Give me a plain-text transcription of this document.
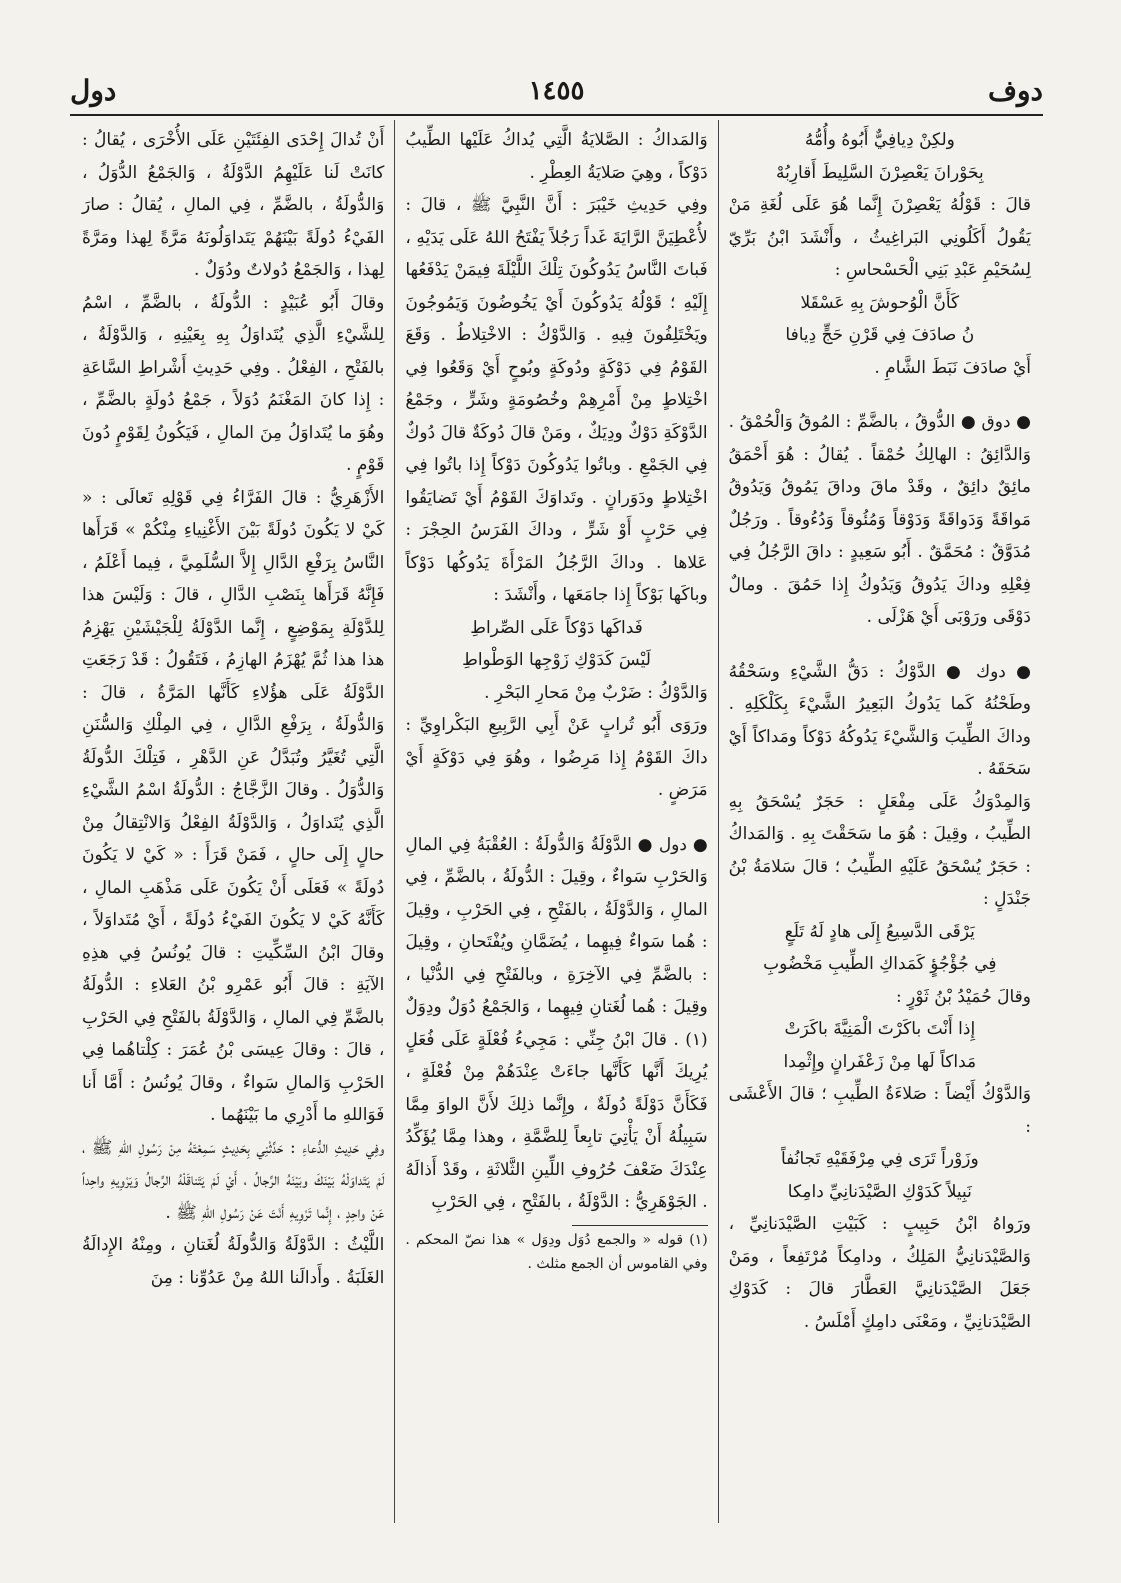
دوف
١٤٥٥
دول

ولكِنْ دِيافِيٌّ أَبُوهُ وأُمُّهُ

بِحَوْرانَ يَعْصِرْنَ السَّلِيطَ أَقارِبُهْ

قالَ : قَوْلُهُ يَعْصِرْنَ إِنَّما هُوَ عَلَى لُغَةِ مَنْ يَقُولُ أَكَلُونِي البَراغِيثُ ، وأَنْشَدَ ابْنُ بَرِّيّ لِسُحَيْمِ عَبْدِ بَنِي الْحَسْحاسِ :

كَأَنَّ الْوُحوشَ بِهِ عَسْقَلا

نُ صادَفَ فِي قَرْنِ حَجٍّ دِيافا

أَيْ صادَفَ نَبَطَ الشَّامِ .

● دوق ● الدُّوقُ ، بالضَّمِّ : المُوقُ وَالْحُمْقُ . وَالدَّائِقُ : الهالِكُ حُمْقاً . يُقالُ : هُوَ أَحْمَقُ مائِقٌ دائِقٌ ، وقَدْ ماقَ وداقَ يَمُوقُ وَيَدُوقُ مَواقَةً وَدَواقَةً وَدَوْقاً وَمُئُوقاً وَدُءُوقاً . ورَجُلٌ مُدَوَّقٌ : مُحَمَّقٌ . أَبُو سَعِيدٍ : داقَ الرَّجُلُ فِي فِعْلِهِ وداكَ يَدُوقُ وَيَدُوكُ إِذا حَمُقَ . ومالٌ دَوْقَى ورَوْبَى أَيْ هَزْلَى .

● دوك ● الدَّوْكُ : دَقُّ الشَّيْءِ وسَحْقُهُ وطَحْنُهُ كَما يَدُوكُ البَعِيرُ الشَّيْءَ بِكَلْكَلِهِ . وداكَ الطِّيبَ وَالشَّيْءَ يَدُوكُهُ دَوْكاً ومَداكاً أَيْ سَحَقَهُ .

وَالمِدْوَكُ عَلَى مِفْعَلٍ : حَجَرٌ يُسْحَقُ بِهِ الطِّيبُ ، وقِيلَ : هُوَ ما سَحَقْتَ بِهِ . وَالمَداكُ : حَجَرٌ يُسْحَقُ عَلَيْهِ الطِّيبُ ؛ قالَ سَلامَةُ بْنُ جَنْدَلٍ :

يَرْقَى الدَّسِيعُ إِلَى هادٍ لَهُ تَلَعٍ

فِي جُؤْجُؤٍ كَمَداكِ الطِّيبِ مَخْضُوبِ

وقالَ حُمَيْدُ بْنُ ثَوْرٍ :

إِذا أَنْتَ باكَرْتَ الْمَنِيَّةَ باكَرَتْ

مَداكاً لَها مِنْ زَعْفَرانٍ وإِثْمِدا

وَالدَّوْكُ أَيْضاً : صَلاءَةُ الطِّيبِ ؛ قالَ الأَعْشَى :

وزَوْراً تَرَى فِي مِرْفَقَيْهِ تَجانُفاً

نَبِيلاً كَدَوْكِ الصَّيْدَنانِيِّ دامِكا

ورَواهُ ابْنُ حَبِيبٍ : كَبَيْتِ الصَّيْدَنانِيِّ ، وَالصَّيْدَنانِيُّ المَلِكُ ، ودامِكاً مُرْتَفِعاً ، ومَنْ جَعَلَ الصَّيْدَنانِيَّ العَطَّارَ قالَ : كَدَوْكِ الصَّيْدَنانِيِّ ، ومَعْنَى دامِكٍ أَمْلَسُ .

وَالمَداكُ : الصَّلايَةُ الَّتِي يُداكُ عَلَيْها الطِّيبُ دَوْكاً ، وهِيَ صَلايَةُ العِطْرِ .

وفِي حَدِيثِ خَيْبَرَ : أَنَّ النَّبِيَّ ﷺ ، قالَ : لأُعْطِيَنَّ الرَّايَةَ غَداً رَجُلاً يَفْتَحُ اللهُ عَلَى يَدَيْهِ ، فَباتَ النَّاسُ يَدُوكُونَ تِلْكَ اللَّيْلَةَ فِيمَنْ يَدْفَعُها إِلَيْهِ ؛ قَوْلُهُ يَدُوكُونَ أَيْ يَخُوضُونَ وَيَمُوجُونَ ويَخْتَلِفُونَ فِيهِ . وَالدَّوْكُ : الاخْتِلاطُ . وَقَعَ القَوْمُ فِي دَوْكَةٍ ودُوكَةٍ وبُوحٍ أَيْ وَقَعُوا فِي اخْتِلاطٍ مِنْ أَمْرِهِمْ وخُصُومَةٍ وشَرٍّ ، وجَمْعُ الدَّوْكَةِ دَوْكٌ ودِيَكٌ ، ومَنْ قالَ دُوكَةٌ قالَ دُوكٌ فِي الجَمْعِ . وباتُوا يَدُوكُونَ دَوْكاً إِذا باتُوا فِي اخْتِلاطٍ ودَوَرانٍ . وتَداوَكَ القَوْمُ أَيْ تَضايَقُوا فِي حَرْبٍ أَوْ شَرٍّ ، وداكَ الفَرَسُ الحِجْرَ : عَلاها . وداكَ الرَّجُلُ المَرْأَةَ يَدُوكُها دَوْكاً وباكَها بَوْكاً إِذا جامَعَها ، وأَنْشَدَ :

فَداكَها دَوْكاً عَلَى الصِّراطِ

لَيْسَ كَدَوْكِ زَوْجِها الوَطْواطِ

وَالدَّوْكُ : ضَرْبٌ مِنْ مَحارِ البَحْرِ .

ورَوَى أَبُو تُرابٍ عَنْ أَبِي الرَّبِيعِ البَكْراوِيِّ : داكَ القَوْمُ إِذا مَرِضُوا ، وهُوَ فِي دَوْكَةٍ أَيْ مَرَضٍ .

● دول ● الدَّوْلَةُ وَالدُّولَةُ : العُقْبَةُ فِي المالِ وَالحَرْبِ سَواءٌ ، وقِيلَ : الدُّولَةُ ، بالضَّمِّ ، فِي المالِ ، وَالدَّوْلَةُ ، بالفَتْحِ ، فِي الحَرْبِ ، وقِيلَ : هُما سَواءٌ فِيهِما ، يُضَمَّانِ ويُفْتَحانِ ، وقِيلَ : بالضَّمِّ فِي الآخِرَةِ ، وبالفَتْحِ فِي الدُّنْيا ، وقِيلَ : هُما لُغَتانِ فِيهِما ، وَالجَمْعُ دُوَلٌ ودِوَلٌ (١) . قالَ ابْنُ جِنِّي : مَجِيءُ فُعْلَةٍ عَلَى فُعَلٍ يُرِيكَ أَنَّها كَأَنَّها جاءَتْ عِنْدَهُمْ مِنْ فُعْلَةٍ ، فَكَأَنَّ دَوْلَةً دُولَةٌ ، وإِنَّما ذلِكَ لأَنَّ الواوَ مِمَّا سَبِيلُهُ أَنْ يَأْتِيَ تابِعاً لِلضَّمَّةِ ، وهذا مِمَّا يُؤَكِّدُ عِنْدَكَ ضَعْفَ حُرُوفِ اللِّينِ الثَّلاثَةِ ، وقَدْ أَذالَهُ . الجَوْهَرِيُّ : الدَّوْلَةُ ، بالفَتْحِ ، فِي الحَرْبِ

(١) قوله « والجمع دُوَل ودِوَل » هذا نصّ المحكم . وفي القاموس أن الجمع مثلث .

أَنْ تُدالَ إِحْدَى الفِئَتَيْنِ عَلَى الأُخْرَى ، يُقالُ : كانَتْ لَنا عَلَيْهِمُ الدَّوْلَةُ ، وَالجَمْعُ الدُّوَلُ ، وَالدُّولَةُ ، بالضَّمِّ ، فِي المالِ ، يُقالُ : صارَ الفَيْءُ دُولَةً بَيْنَهُمْ يَتَداوَلُونَهُ مَرَّةً لِهذا ومَرَّةً لِهذا ، وَالجَمْعُ دُولاتٌ ودُوَلٌ .

وقالَ أَبُو عُبَيْدٍ : الدُّولَةُ ، بالضَّمِّ ، اسْمُ لِلشَّيْءِ الَّذِي يُتَداوَلُ بِهِ بِعَيْنِهِ ، وَالدَّوْلَةُ ، بالفَتْحِ ، الفِعْلُ . وفِي حَدِيثِ أَشْراطِ السَّاعَةِ : إِذا كانَ المَغْنَمُ دُوَلاً ، جَمْعُ دُولَةٍ بالضَّمِّ ، وهُوَ ما يُتَداوَلُ مِنَ المالِ ، فَيَكُونُ لِقَوْمٍ دُونَ قَوْمٍ .

الأَزْهَرِيُّ : قالَ الفَرَّاءُ فِي قَوْلِهِ تَعالَى : « كَيْ لا يَكُونَ دُولَةً بَيْنَ الأَغْنِياءِ مِنْكُمْ » قَرَأَها النَّاسُ بِرَفْعِ الدَّالِ إِلاَّ السُّلَمِيَّ ، فِيما أَعْلَمُ ، فَإِنَّهُ قَرَأَها بِنَصْبِ الدَّالِ ، قالَ : وَلَيْسَ هذا لِلدَّوْلَةِ بِمَوْضِعٍ ، إِنَّما الدَّوْلَةُ لِلْجَيْشَيْنِ يَهْزِمُ هذا هذا ثُمَّ يُهْزَمُ الهازِمُ ، فَتَقُولُ : قَدْ رَجَعَتِ الدَّوْلَةُ عَلَى هؤُلاءِ كَأَنَّها المَرَّةُ ، قالَ : وَالدُّولَةُ ، بِرَفْعِ الدَّالِ ، فِي المِلْكِ وَالسُّنَنِ الَّتِي تُغَيَّرُ وتُبَدَّلُ عَنِ الدَّهْرِ ، فَتِلْكَ الدُّولَةُ وَالدُّوَلُ . وقالَ الزَّجَّاجُ : الدُّولَةُ اسْمُ الشَّيْءِ الَّذِي يُتَداوَلُ ، وَالدَّوْلَةُ الفِعْلُ وَالانْتِقالُ مِنْ حالٍ إِلَى حالٍ ، فَمَنْ قَرَأَ : « كَيْ لا يَكُونَ دُولَةً » فَعَلَى أَنْ يَكُونَ عَلَى مَذْهَبِ المالِ ، كَأَنَّهُ كَيْ لا يَكُونَ الفَيْءُ دُولَةً ، أَيْ مُتَداوَلاً ، وقالَ ابْنُ السِّكِّيتِ : قالَ يُونُسُ فِي هذِهِ الآيَةِ : قالَ أَبُو عَمْرِو بْنُ العَلاءِ : الدُّولَةُ بالضَّمِّ فِي المالِ ، وَالدَّوْلَةُ بالفَتْحِ فِي الحَرْبِ ، قالَ : وقالَ عِيسَى بْنُ عُمَرَ : كِلْتاهُما فِي الحَرْبِ وَالمالِ سَواءٌ ، وقالَ يُونُسُ : أَمَّا أَنا فَوَاللهِ ما أَدْرِي ما بَيْنَهُما .

وفِي حَدِيثِ الدُّعاءِ : حَدِّثْنِي بِحَدِيثٍ سَمِعْتَهُ مِنْ رَسُولِ اللهِ ﷺ ، لَمْ يَتَداوَلْهُ بَيْنَكَ وبَيْنَهُ الرِّجالُ ، أَيْ لَمْ يَتَناقَلْهُ الرِّجالُ وَيَرْوِيهِ واحِداً عَنْ واحِدٍ ، إِنَّما تَرْوِيهِ أَنْتَ عَنْ رَسُولِ اللهِ ﷺ .

اللَّيْثُ : الدَّوْلَةُ وَالدُّولَةُ لُغَتانِ ، ومِنْهُ الإِدالَةُ الغَلَبَةُ . وأَدالَنا اللهُ مِنْ عَدُوِّنا : مِنَ
